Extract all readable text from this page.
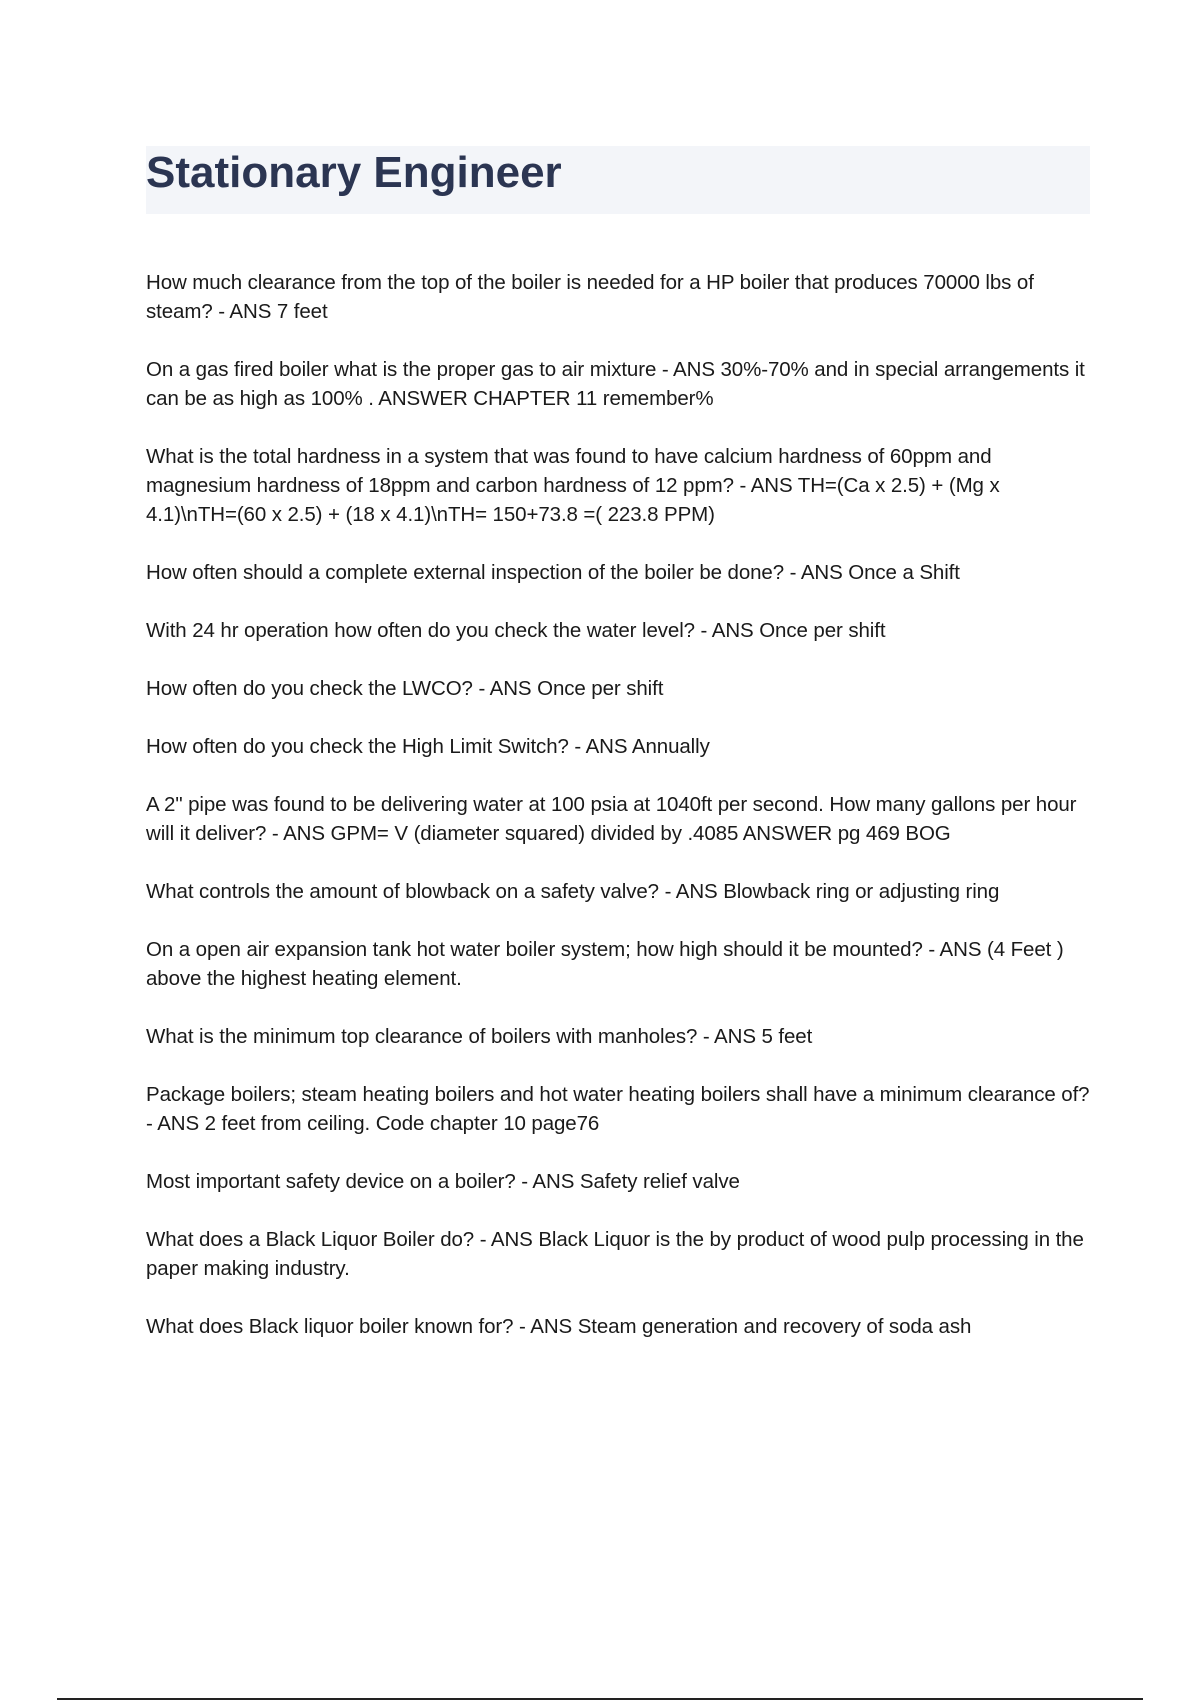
Stationary Engineer

How much clearance from the top of the boiler is needed for a HP boiler that produces 70000 lbs of steam? - ANS 7 feet

On a gas fired boiler what is the proper gas to air mixture - ANS 30%-70% and in special arrangements it can be as high as 100% . ANSWER CHAPTER 11 remember%

What is the total hardness in a system that was found to have calcium hardness of 60ppm and magnesium hardness of 18ppm and carbon hardness of 12 ppm? - ANS TH=(Ca x 2.5) + (Mg x 4.1)\nTH=(60 x 2.5) + (18 x 4.1)\nTH= 150+73.8 =( 223.8 PPM)

How often should a complete external inspection of the boiler be done? - ANS Once a Shift

With 24 hr operation how often do you check the water level? - ANS Once per shift

How often do you check the LWCO? - ANS Once per shift

How often do you check the High Limit Switch? - ANS Annually

A 2" pipe was found to be delivering water at 100 psia at 1040ft per second. How many gallons per hour will it deliver? - ANS GPM= V (diameter squared) divided by .4085 ANSWER pg 469 BOG

What controls the amount of blowback on a safety valve? - ANS Blowback ring or adjusting ring

On a open air expansion tank hot water boiler system; how high should it be mounted? - ANS (4 Feet ) above the highest heating element.

What is the minimum top clearance of boilers with manholes? - ANS 5 feet

Package boilers; steam heating boilers and hot water heating boilers shall have a minimum clearance of? - ANS 2 feet from ceiling. Code chapter 10 page76

Most important safety device on a boiler? - ANS Safety relief valve

What does a Black Liquor Boiler do? - ANS Black Liquor is the by product of wood pulp processing in the paper making industry.

What does Black liquor boiler known for? - ANS Steam generation and recovery of soda ash
